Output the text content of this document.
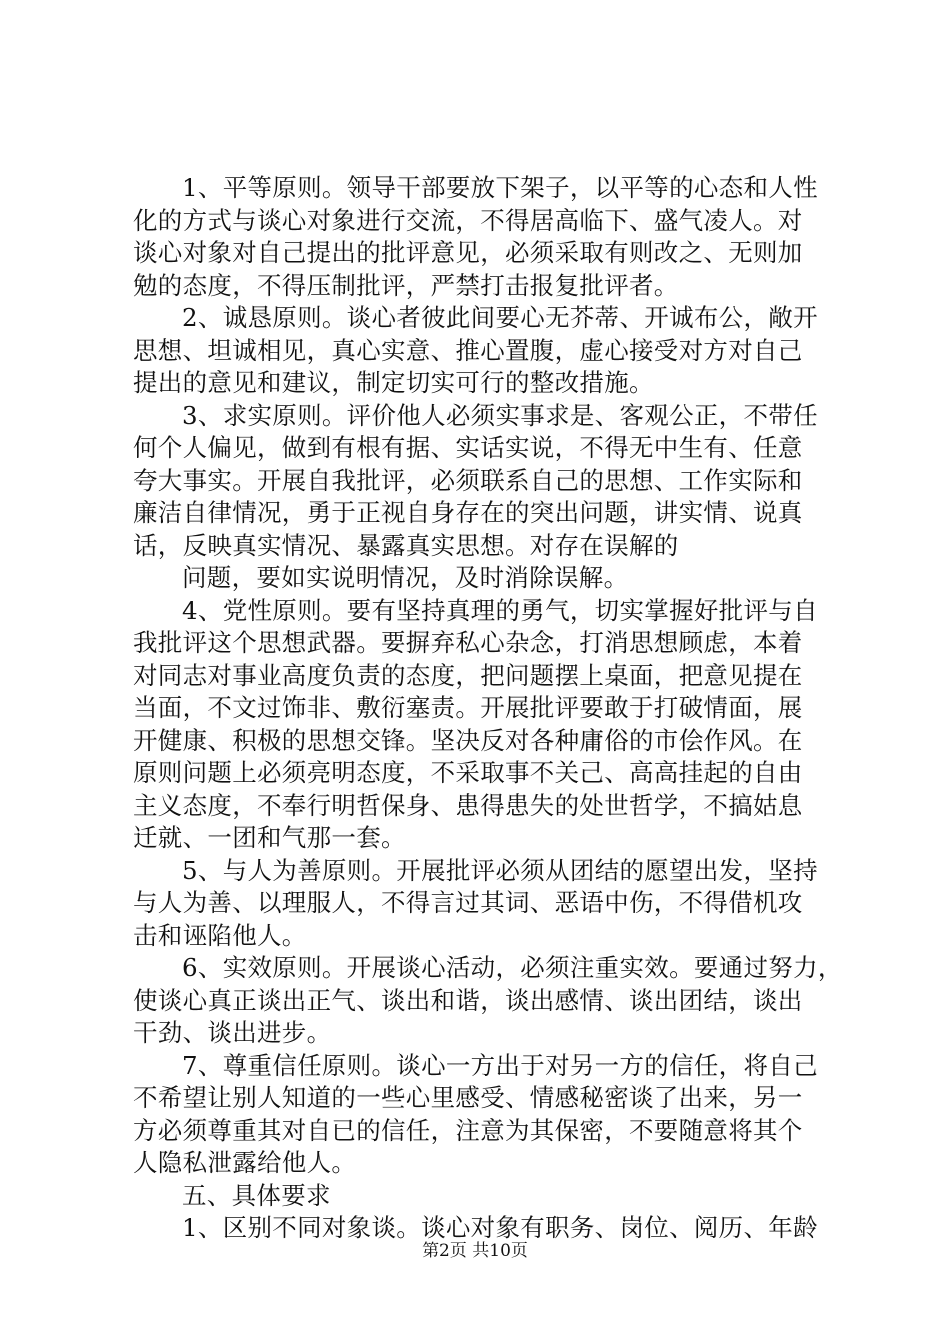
1、平等原则。领导干部要放下架子，以平等的心态和人性
化的方式与谈心对象进行交流，不得居高临下、盛气凌人。对
谈心对象对自己提出的批评意见，必须采取有则改之、无则加
勉的态度，不得压制批评，严禁打击报复批评者。
2、诚恳原则。谈心者彼此间要心无芥蒂、开诚布公，敞开
思想、坦诚相见，真心实意、推心置腹，虚心接受对方对自己
提出的意见和建议，制定切实可行的整改措施。
3、求实原则。评价他人必须实事求是、客观公正，不带任
何个人偏见，做到有根有据、实话实说，不得无中生有、任意
夸大事实。开展自我批评，必须联系自己的思想、工作实际和
廉洁自律情况，勇于正视自身存在的突出问题，讲实情、说真
话，反映真实情况、暴露真实思想。对存在误解的
问题，要如实说明情况，及时消除误解。
4、党性原则。要有坚持真理的勇气，切实掌握好批评与自
我批评这个思想武器。要摒弃私心杂念，打消思想顾虑，本着
对同志对事业高度负责的态度，把问题摆上桌面，把意见提在
当面，不文过饰非、敷衍塞责。开展批评要敢于打破情面，展
开健康、积极的思想交锋。坚决反对各种庸俗的市侩作风。在
原则问题上必须亮明态度，不采取事不关己、高高挂起的自由
主义态度，不奉行明哲保身、患得患失的处世哲学，不搞姑息
迁就、一团和气那一套。
5、与人为善原则。开展批评必须从团结的愿望出发，坚持
与人为善、以理服人，不得言过其词、恶语中伤，不得借机攻
击和诬陷他人。
6、实效原则。开展谈心活动，必须注重实效。要通过努力，
使谈心真正谈出正气、谈出和谐，谈出感情、谈出团结，谈出
干劲、谈出进步。
7、尊重信任原则。谈心一方出于对另一方的信任，将自己
不希望让别人知道的一些心里感受、情感秘密谈了出来，另一
方必须尊重其对自已的信任，注意为其保密，不要随意将其个
人隐私泄露给他人。
五、具体要求
1、区别不同对象谈。谈心对象有职务、岗位、阅历、年龄
第2页 共10页
